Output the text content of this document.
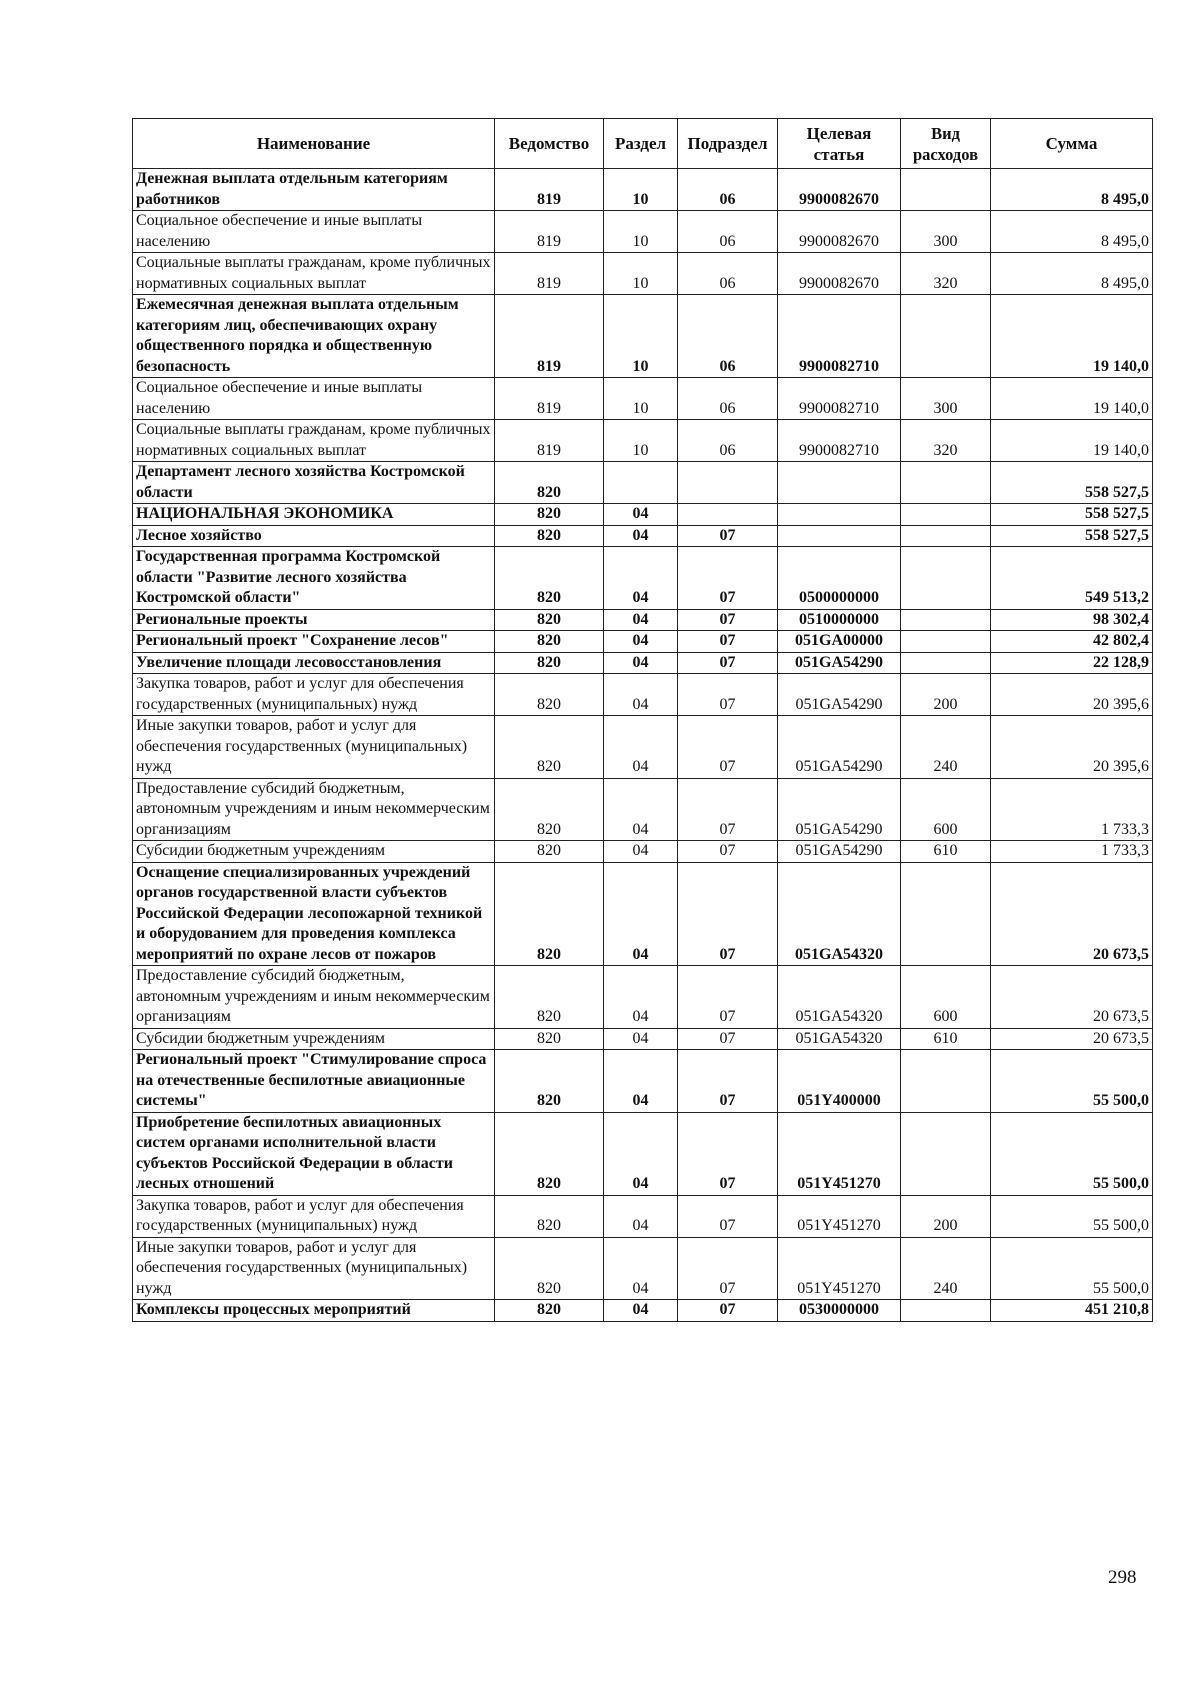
Наименование	Ведомство	Раздел	Подраздел	Целевая статья	Вид расходов	Сумма
Денежная выплата отдельным категориям работников	819	10	06	9900082670		8 495,0
Социальное обеспечение и иные выплаты населению	819	10	06	9900082670	300	8 495,0
Социальные выплаты гражданам, кроме публичных нормативных социальных выплат	819	10	06	9900082670	320	8 495,0
Ежемесячная денежная выплата отдельным категориям лиц, обеспечивающих охрану общественного порядка и общественную безопасность	819	10	06	9900082710		19 140,0
Социальное обеспечение и иные выплаты населению	819	10	06	9900082710	300	19 140,0
Социальные выплаты гражданам, кроме публичных нормативных социальных выплат	819	10	06	9900082710	320	19 140,0
Департамент лесного хозяйства Костромской области	820					558 527,5
НАЦИОНАЛЬНАЯ ЭКОНОМИКА	820	04				558 527,5
Лесное хозяйство	820	04	07			558 527,5
Государственная программа Костромской области "Развитие лесного хозяйства Костромской области"	820	04	07	0500000000		549 513,2
Региональные проекты	820	04	07	0510000000		98 302,4
Региональный проект "Сохранение лесов"	820	04	07	051GA00000		42 802,4
Увеличение площади лесовосстановления	820	04	07	051GA54290		22 128,9
Закупка товаров, работ и услуг для обеспечения государственных (муниципальных) нужд	820	04	07	051GA54290	200	20 395,6
Иные закупки товаров, работ и услуг для обеспечения государственных (муниципальных) нужд	820	04	07	051GA54290	240	20 395,6
Предоставление субсидий бюджетным, автономным учреждениям и иным некоммерческим организациям	820	04	07	051GA54290	600	1 733,3
Субсидии бюджетным учреждениям	820	04	07	051GA54290	610	1 733,3
Оснащение специализированных учреждений органов государственной власти субъектов Российской Федерации лесопожарной техникой и оборудованием для проведения комплекса мероприятий по охране лесов от пожаров	820	04	07	051GA54320		20 673,5
Предоставление субсидий бюджетным, автономным учреждениям и иным некоммерческим организациям	820	04	07	051GA54320	600	20 673,5
Субсидии бюджетным учреждениям	820	04	07	051GA54320	610	20 673,5
Региональный проект "Стимулирование спроса на отечественные беспилотные авиационные системы"	820	04	07	051Y400000		55 500,0
Приобретение беспилотных авиационных систем органами исполнительной власти субъектов Российской Федерации в области лесных отношений	820	04	07	051Y451270		55 500,0
Закупка товаров, работ и услуг для обеспечения государственных (муниципальных) нужд	820	04	07	051Y451270	200	55 500,0
Иные закупки товаров, работ и услуг для обеспечения государственных (муниципальных) нужд	820	04	07	051Y451270	240	55 500,0
Комплексы процессных мероприятий	820	04	07	0530000000		451 210,8
298
